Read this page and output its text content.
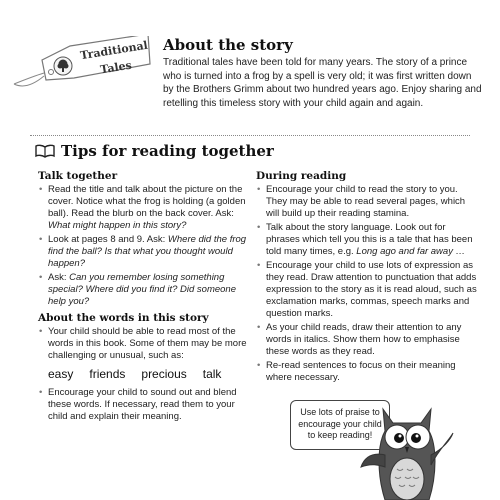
Traditional
Tales
About the story
Traditional tales have been told for many years. The story of a prince who is turned into a frog by a spell is very old; it was first written down by the Brothers Grimm about two hundred years ago. Enjoy sharing and retelling this timeless story with your child again and again.
Tips for reading together
Talk together
• Read the title and talk about the picture on the cover. Notice what the frog is holding (a golden ball). Read the blurb on the back cover. Ask: What might happen in this story?
• Look at pages 8 and 9. Ask: Where did the frog find the ball? Is that what you thought would happen?
• Ask: Can you remember losing something special? Where did you find it? Did someone help you?
About the words in this story
• Your child should be able to read most of the words in this book. Some of them may be more challenging or unusual, such as:
easy friends precious talk
• Encourage your child to sound out and blend these words. If necessary, read them to your child and explain their meaning.
During reading
• Encourage your child to read the story to you. They may be able to read several pages, which will build up their reading stamina.
• Talk about the story language. Look out for phrases which tell you this is a tale that has been told many times, e.g. Long ago and far away …
• Encourage your child to use lots of expression as they read. Draw attention to punctuation that adds expression to the story as it is read aloud, such as exclamation marks, commas, speech marks and question marks.
• As your child reads, draw their attention to any words in italics. Show them how to emphasise these words as they read.
• Re-read sentences to focus on their meaning where necessary.
Use lots of praise to encourage your child to keep reading!
